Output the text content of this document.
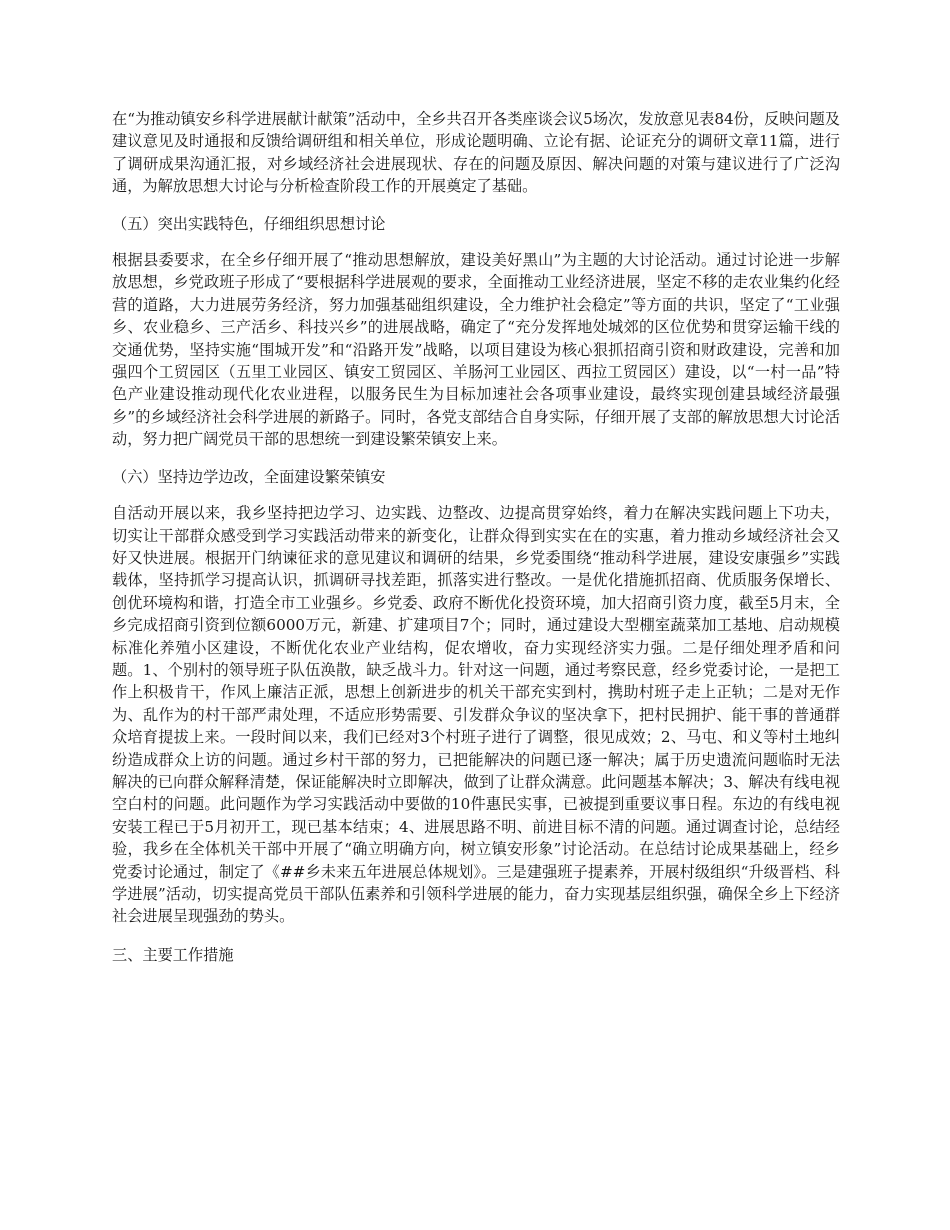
在“为推动镇安乡科学进展献计献策”活动中，全乡共召开各类座谈会议5场次，发放意见表84份，反映问题及建议意见及时通报和反馈给调研组和相关单位，形成论题明确、立论有据、论证充分的调研文章11篇，进行了调研成果沟通汇报，对乡域经济社会进展现状、存在的问题及原因、解决问题的对策与建议进行了广泛沟通，为解放思想大讨论与分析检查阶段工作的开展奠定了基础。

（五）突出实践特色，仔细组织思想讨论

根据县委要求，在全乡仔细开展了“推动思想解放，建设美好黑山”为主题的大讨论活动。通过讨论进一步解放思想，乡党政班子形成了“要根据科学进展观的要求，全面推动工业经济进展，坚定不移的走农业集约化经营的道路，大力进展劳务经济，努力加强基础组织建设，全力维护社会稳定”等方面的共识，坚定了“工业强乡、农业稳乡、三产活乡、科技兴乡”的进展战略，确定了“充分发挥地处城郊的区位优势和贯穿运输干线的交通优势，坚持实施“围城开发”和“沿路开发”战略，以项目建设为核心狠抓招商引资和财政建设，完善和加强四个工贸园区（五里工业园区、镇安工贸园区、羊肠河工业园区、西拉工贸园区）建设，以“一村一品”特色产业建设推动现代化农业进程，以服务民生为目标加速社会各项事业建设，最终实现创建县域经济最强乡”的乡域经济社会科学进展的新路子。同时，各党支部结合自身实际，仔细开展了支部的解放思想大讨论活动，努力把广阔党员干部的思想统一到建设繁荣镇安上来。

（六）坚持边学边改，全面建设繁荣镇安

自活动开展以来，我乡坚持把边学习、边实践、边整改、边提高贯穿始终，着力在解决实践问题上下功夫，切实让干部群众感受到学习实践活动带来的新变化，让群众得到实实在在的实惠，着力推动乡域经济社会又好又快进展。根据开门纳谏征求的意见建议和调研的结果，乡党委围绕“推动科学进展，建设安康强乡”实践载体，坚持抓学习提高认识，抓调研寻找差距，抓落实进行整改。一是优化措施抓招商、优质服务保增长、创优环境构和谐，打造全市工业强乡。乡党委、政府不断优化投资环境，加大招商引资力度，截至5月末，全乡完成招商引资到位额6000万元，新建、扩建项目7个；同时，通过建设大型棚室蔬菜加工基地、启动规模标准化养殖小区建设，不断优化农业产业结构，促农增收，奋力实现经济实力强。二是仔细处理矛盾和问题。1、个别村的领导班子队伍涣散，缺乏战斗力。针对这一问题，通过考察民意，经乡党委讨论，一是把工作上积极肯干，作风上廉洁正派，思想上创新进步的机关干部充实到村，携助村班子走上正轨；二是对无作为、乱作为的村干部严肃处理，不适应形势需要、引发群众争议的坚决拿下，把村民拥护、能干事的普通群众培育提拔上来。一段时间以来，我们已经对3个村班子进行了调整，很见成效；2、马屯、和义等村土地纠纷造成群众上访的问题。通过乡村干部的努力，已把能解决的问题已逐一解决；属于历史遗流问题临时无法解决的已向群众解释清楚，保证能解决时立即解决，做到了让群众满意。此问题基本解决；3、解决有线电视空白村的问题。此问题作为学习实践活动中要做的10件惠民实事，已被提到重要议事日程。东边的有线电视安装工程已于5月初开工，现已基本结束；4、进展思路不明、前进目标不清的问题。通过调查讨论，总结经验，我乡在全体机关干部中开展了“确立明确方向，树立镇安形象”讨论活动。在总结讨论成果基础上，经乡党委讨论通过，制定了《##乡未来五年进展总体规划》。三是建强班子提素养，开展村级组织“升级晋档、科学进展”活动，切实提高党员干部队伍素养和引领科学进展的能力，奋力实现基层组织强，确保全乡上下经济社会进展呈现强劲的势头。

三、主要工作措施
